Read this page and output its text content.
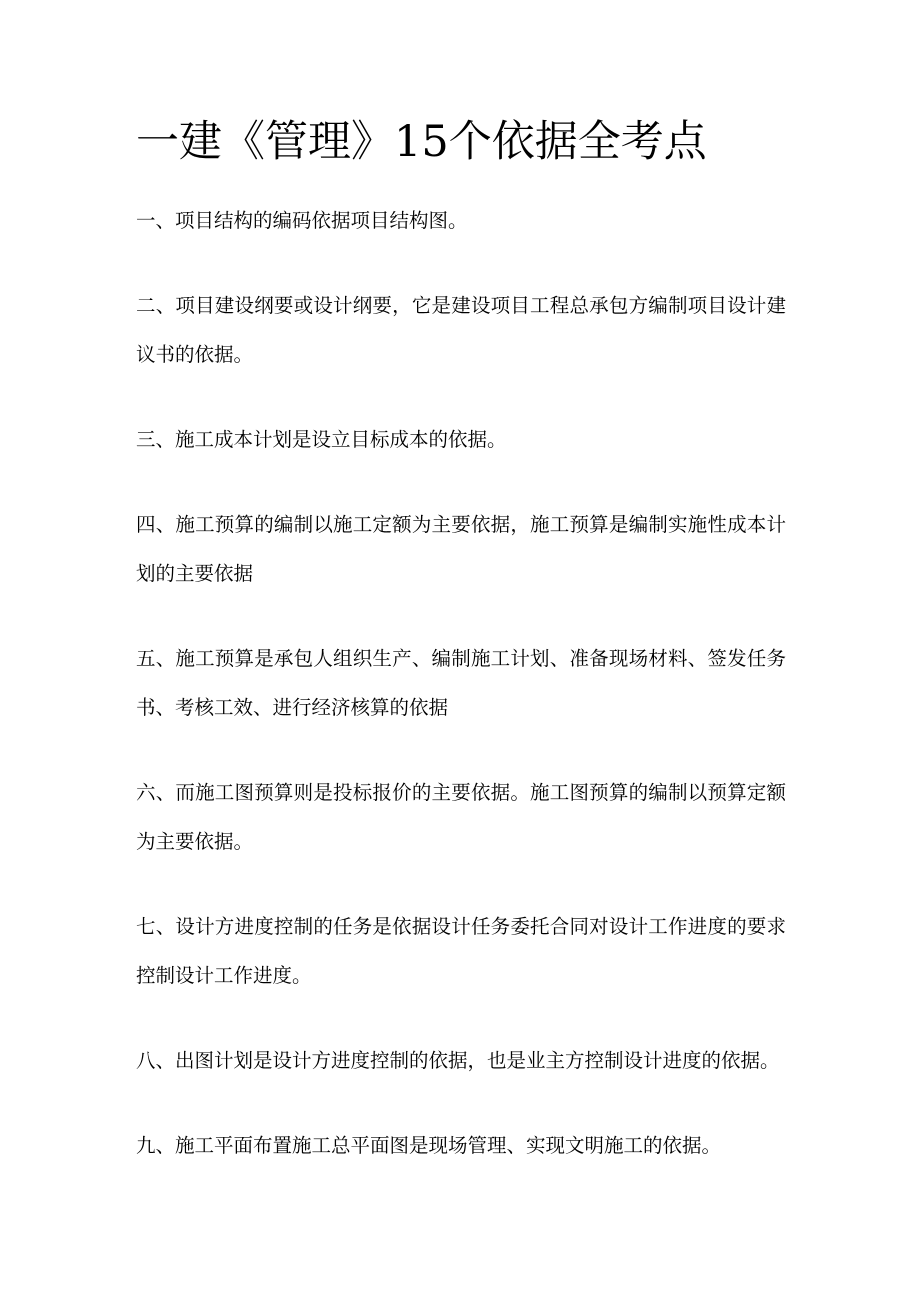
一建《管理》15个依据全考点
一、项目结构的编码依据项目结构图。
二、项目建设纲要或设计纲要，它是建设项目工程总承包方编制项目设计建议书的依据。
三、施工成本计划是设立目标成本的依据。
四、施工预算的编制以施工定额为主要依据，施工预算是编制实施性成本计划的主要依据
五、施工预算是承包人组织生产、编制施工计划、准备现场材料、签发任务书、考核工效、进行经济核算的依据
六、而施工图预算则是投标报价的主要依据。施工图预算的编制以预算定额为主要依据。
七、设计方进度控制的任务是依据设计任务委托合同对设计工作进度的要求控制设计工作进度。
八、出图计划是设计方进度控制的依据，也是业主方控制设计进度的依据。
九、施工平面布置施工总平面图是现场管理、实现文明施工的依据。
